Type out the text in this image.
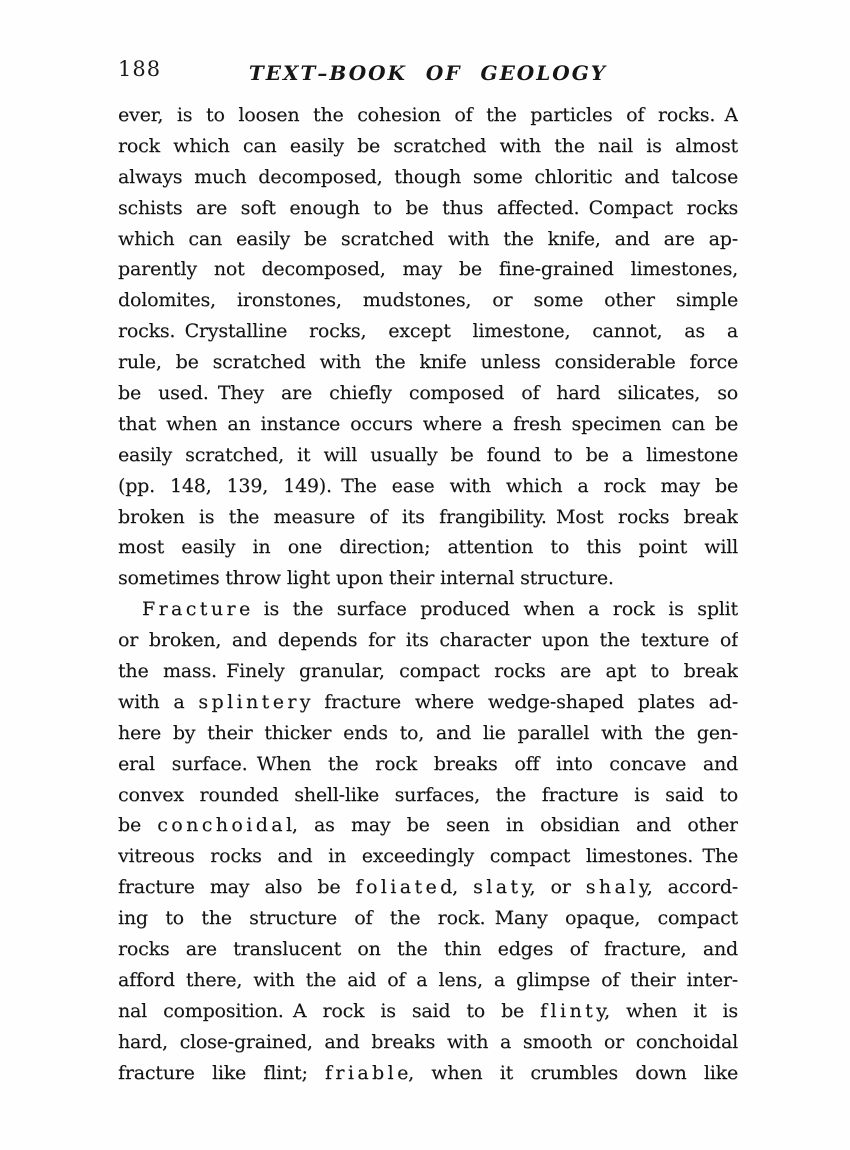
188	TEXT–BOOK OF GEOLOGY
ever, is to loosen the cohesion of the particles of rocks. A
rock which can easily be scratched with the nail is almost
always much decomposed, though some chloritic and talcose
schists are soft enough to be thus affected. Compact rocks
which can easily be scratched with the knife, and are ap-
parently not decomposed, may be fine-grained limestones,
dolomites, ironstones, mudstones, or some other simple
rocks. Crystalline rocks, except limestone, cannot, as a
rule, be scratched with the knife unless considerable force
be used. They are chiefly composed of hard silicates, so
that when an instance occurs where a fresh specimen can be
easily scratched, it will usually be found to be a limestone
(pp. 148, 139, 149). The ease with which a rock may be
broken is the measure of its frangibility. Most rocks break
most easily in one direction; attention to this point will
sometimes throw light upon their internal structure.
F r a c t u r e is the surface produced when a rock is split
or broken, and depends for its character upon the texture of
the mass. Finely granular, compact rocks are apt to break
with a s p l i n t e r y fracture where wedge-shaped plates ad-
here by their thicker ends to, and lie parallel with the gen-
eral surface. When the rock breaks off into concave and
convex rounded shell-like surfaces, the fracture is said to
be c o n c h o i d a l, as may be seen in obsidian and other
vitreous rocks and in exceedingly compact limestones. The
fracture may also be f o l i a t e d, s l a t y, or s h a l y, accord-
ing to the structure of the rock. Many opaque, compact
rocks are translucent on the thin edges of fracture, and
afford there, with the aid of a lens, a glimpse of their inter-
nal composition. A rock is said to be f l i n t y, when it is
hard, close-grained, and breaks with a smooth or conchoidal
fracture like flint; f r i a b l e, when it crumbles down like
